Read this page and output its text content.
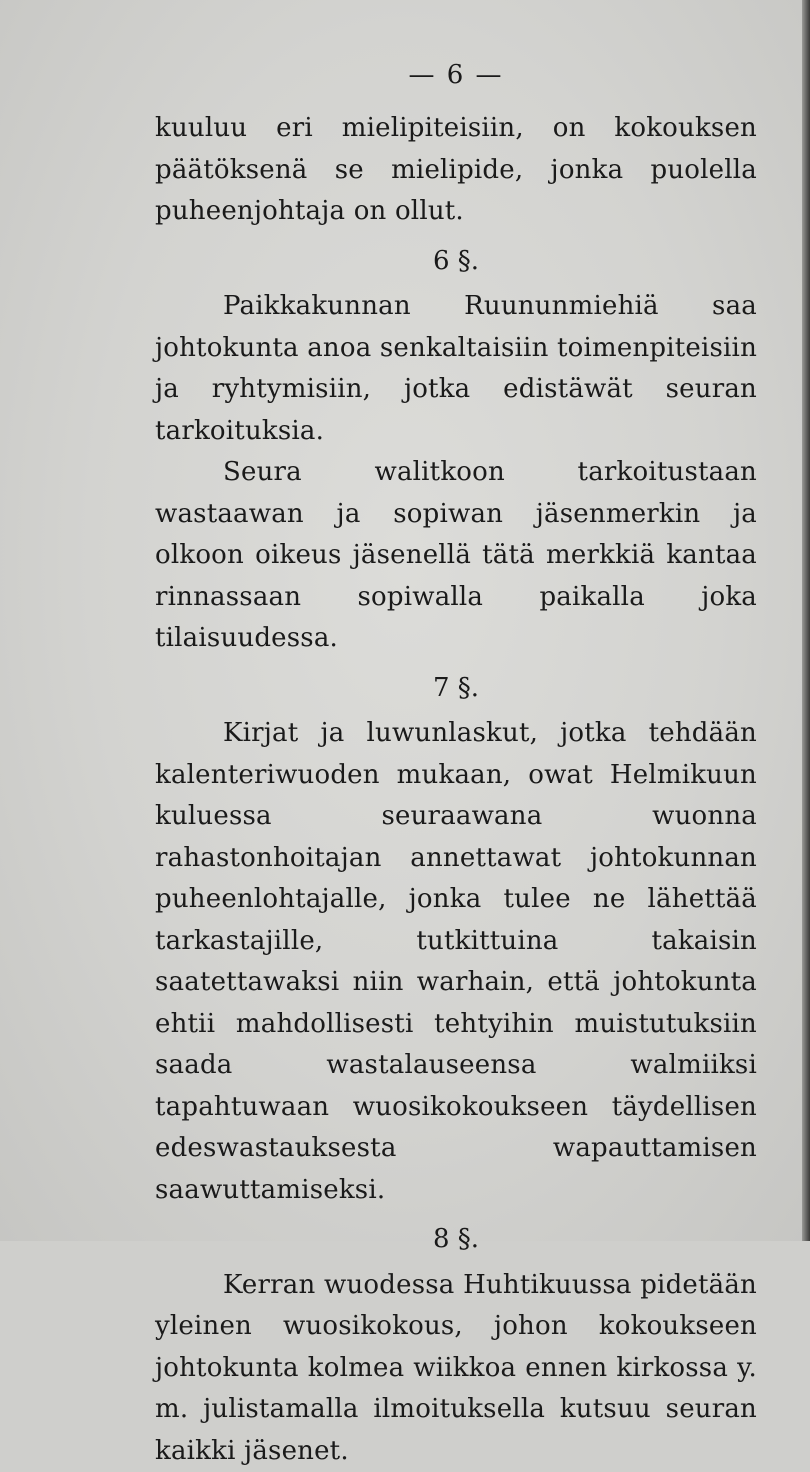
— 6 —

kuuluu eri mielipiteisiin, on kokouksen päätöksenä se mielipide, jonka puolella puheenjohtaja on ollut.

6 §.

Paikkakunnan Ruununmiehiä saa johtokunta anoa senkaltaisiin toimenpiteisiin ja ryhtymisiin, jotka edistäwät seuran tarkoituksia.

Seura walitkoon tarkoitustaan wastaawan ja sopiwan jäsenmerkin ja olkoon oikeus jäsenellä tätä merkkiä kantaa rinnassaan sopiwalla paikalla joka tilaisuudessa.

7 §.

Kirjat ja luwunlaskut, jotka tehdään kalenteriwuoden mukaan, owat Helmikuun kuluessa seuraawana wuonna rahastonhoitajan annettawat johtokunnan puheenlohtajalle, jonka tulee ne lähettää tarkastajille, tutkittuina takaisin saatettawaksi niin warhain, että johtokunta ehtii mahdollisesti tehtyihin muistutuksiin saada wastalauseensa walmiiksi tapahtuwaan wuosikokoukseen täydellisen edeswastauksesta wapauttamisen saawuttamiseksi.

8 §.

Kerran wuodessa Huhtikuussa pidetään yleinen wuosikokous, johon kokoukseen johtokunta kolmea wiikkoa ennen kirkossa y. m. julistamalla ilmoituksella kutsuu seuran kaikki jäsenet.
